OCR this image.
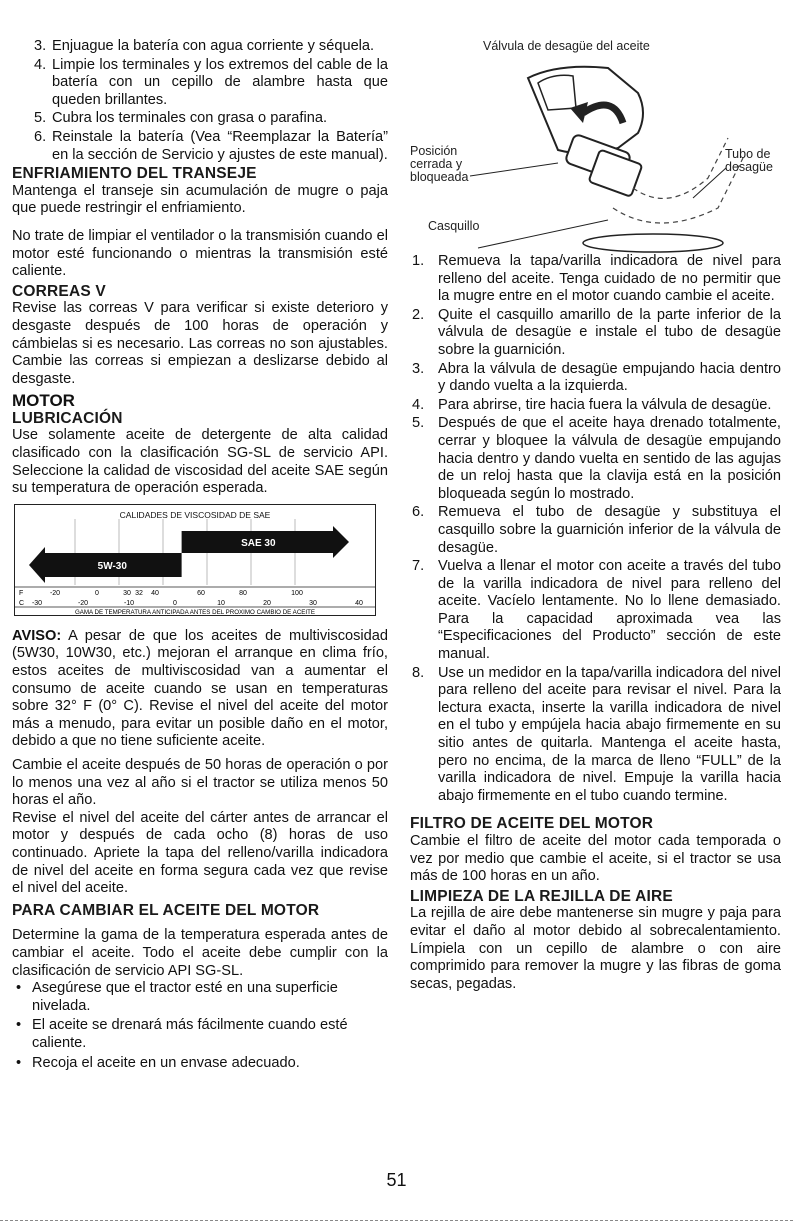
3. Enjuague la batería con agua corriente y séquela.
4. Limpie los terminales y los extremos del cable de la batería con un cepillo de alambre hasta que queden brillantes.
5. Cubra los terminales con grasa o parafina.
6. Reinstale la batería (Vea “Reemplazar la Batería” en la sección de Servicio y ajustes de este manual).
ENFRIAMIENTO DEL TRANSEJE

Mantenga el transeje sin acumulación de mugre o paja que puede restringir el enfriamiento.

No trate de limpiar el ventilador o la transmisión cuando el motor esté funcionando o mientras la transmisión esté caliente.

CORREAS V

Revise las correas V para verificar si existe deterioro y desgaste después de 100 horas de operación y cámbielas si es necesario. Las correas no son ajustables. Cambie las correas si empiezan a deslizarse debido al desgaste.

MOTOR
LUBRICACIÓN

Use solamente aceite de detergente de alta calidad clasificado con la clasificación SG-SL de servicio API. Seleccione la calidad de viscosidad del aceite SAE según su temperatura de operación esperada.

CALIDADES DE VISCOSIDAD DE SAE
5W-30
SAE 30
F	-20	0	30 32 40	60	80	100
C -30	-20	-10	0	10	20	30	40
GAMA DE TEMPERATURA ANTICIPADA ANTES DEL PROXIMO CAMBIO DE ACEITE

AVISO: A pesar de que los aceites de multiviscosidad (5W30, 10W30, etc.) mejoran el arranque en clima frío, estos aceites de multiviscosidad van a aumentar el consumo de aceite cuando se usan en temperaturas sobre 32° F (0° C). Revise el nivel del aceite del motor más a menudo, para evitar un posible daño en el motor, debido a que no tiene suficiente aceite.

Cambie el aceite después de 50 horas de operación o por lo menos una vez al año si el tractor se utiliza menos 50 horas el año.

Revise el nivel del aceite del cárter antes de arrancar el motor y después de cada ocho (8) horas de uso continuado. Apriete la tapa del relleno/varilla indicadora de nivel del aceite en forma segura cada vez que revise el nivel del aceite.

PARA CAMBIAR EL ACEITE DEL MOTOR

Determine la gama de la temperatura esperada antes de cambiar el aceite. Todo el aceite debe cumplir con la clasificación de servicio API SG-SL.

• Asegúrese que el tractor esté en una superficie nivelada.
• El aceite se drenará más fácilmente cuando esté caliente.
• Recoja el aceite en un envase adecuado.
Válvula de desagüe del aceite
Posición cerrada y bloqueada
Casquillo
Tubo de desagüe
1. Remueva la tapa/varilla indicadora de nivel para relleno del aceite. Tenga cuidado de no permitir que la mugre entre en el motor cuando cambie el aceite.
2. Quite el casquillo amarillo de la parte inferior de la válvula de desagüe e instale el tubo de desagüe sobre la guarnición.
3. Abra la válvula de desagüe empujando hacia dentro y dando vuelta a la izquierda.
4. Para abrirse, tire hacia fuera la válvula de desagüe.
5. Después de que el aceite haya drenado totalmente, cerrar y bloquee la válvula de desagüe empujando hacia dentro y dando vuelta en sentido de las agujas de un reloj hasta que la clavija está en la posición bloqueada según lo mostrado.
6. Remueva el tubo de desagüe y substituya el casquillo sobre la guarnición inferior de la válvula de desagüe.
7. Vuelva a llenar el motor con aceite a través del tubo de la varilla indicadora de nivel para relleno del aceite. Vacíelo lentamente. No lo llene demasiado. Para la capacidad aproximada vea las “Especificaciones del Producto” sección de este manual.
8. Use un medidor en la tapa/varilla indicadora del nivel para relleno del aceite para revisar el nivel. Para la lectura exacta, inserte la varilla indicadora de nivel en el tubo y empújela hacia abajo firmemente en su sitio antes de quitarla. Mantenga el aceite hasta, pero no encima, de la marca de lleno “FULL” de la varilla indicadora de nivel. Empuje la varilla hacia abajo firmemente en el tubo cuando termine.
FILTRO DE ACEITE DEL MOTOR

Cambie el filtro de aceite del motor cada temporada o vez por medio que cambie el aceite, si el tractor se usa más de 100 horas en un año.

LIMPIEZA DE LA REJILLA DE AIRE

La rejilla de aire debe mantenerse sin mugre y paja para evitar el daño al motor debido al sobrecalentamiento. Límpiela con un cepillo de alambre o con aire comprimido para remover la mugre y las fibras de goma secas, pegadas.

51
